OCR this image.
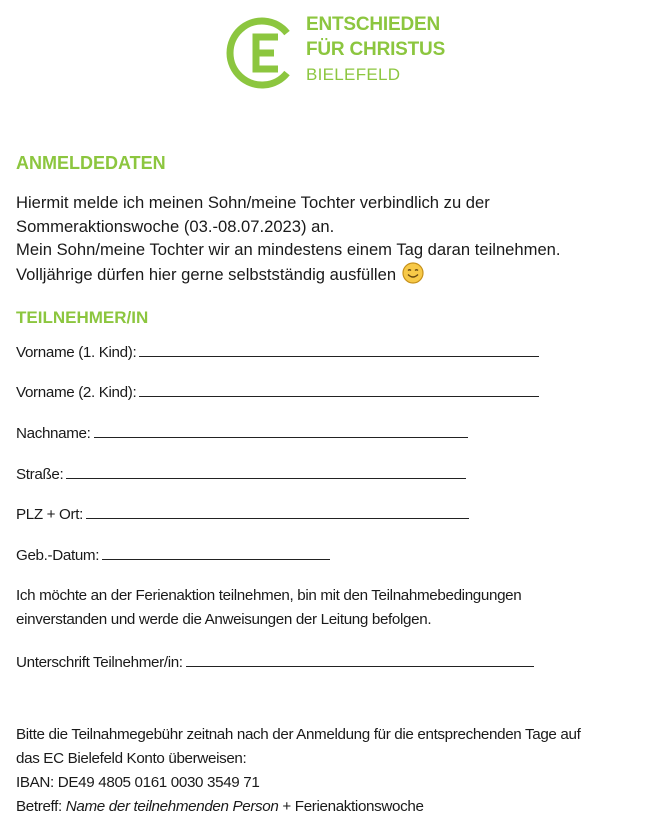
ENTSCHIEDEN
FÜR CHRISTUS
BIELEFELD
ANMELDEDATEN
Hiermit melde ich meinen Sohn/meine Tochter verbindlich zu der
Sommeraktionswoche (03.-08.07.2023) an.
Mein Sohn/meine Tochter wir an mindestens einem Tag daran teilnehmen.
Volljährige dürfen hier gerne selbstständig ausfüllen
TEILNEHMER/IN
Vorname (1. Kind):
Vorname (2. Kind):
Nachname:
Straße:
PLZ + Ort:
Geb.-Datum:
Ich möchte an der Ferienaktion teilnehmen, bin mit den Teilnahmebedingungen
einverstanden und werde die Anweisungen der Leitung befolgen.
Unterschrift Teilnehmer/in:
Bitte die Teilnahmegebühr zeitnah nach der Anmeldung für die entsprechenden Tage auf
das EC Bielefeld Konto überweisen:
IBAN: DE49 4805 0161 0030 3549 71
Betreff: Name der teilnehmenden Person + Ferienaktionswoche
